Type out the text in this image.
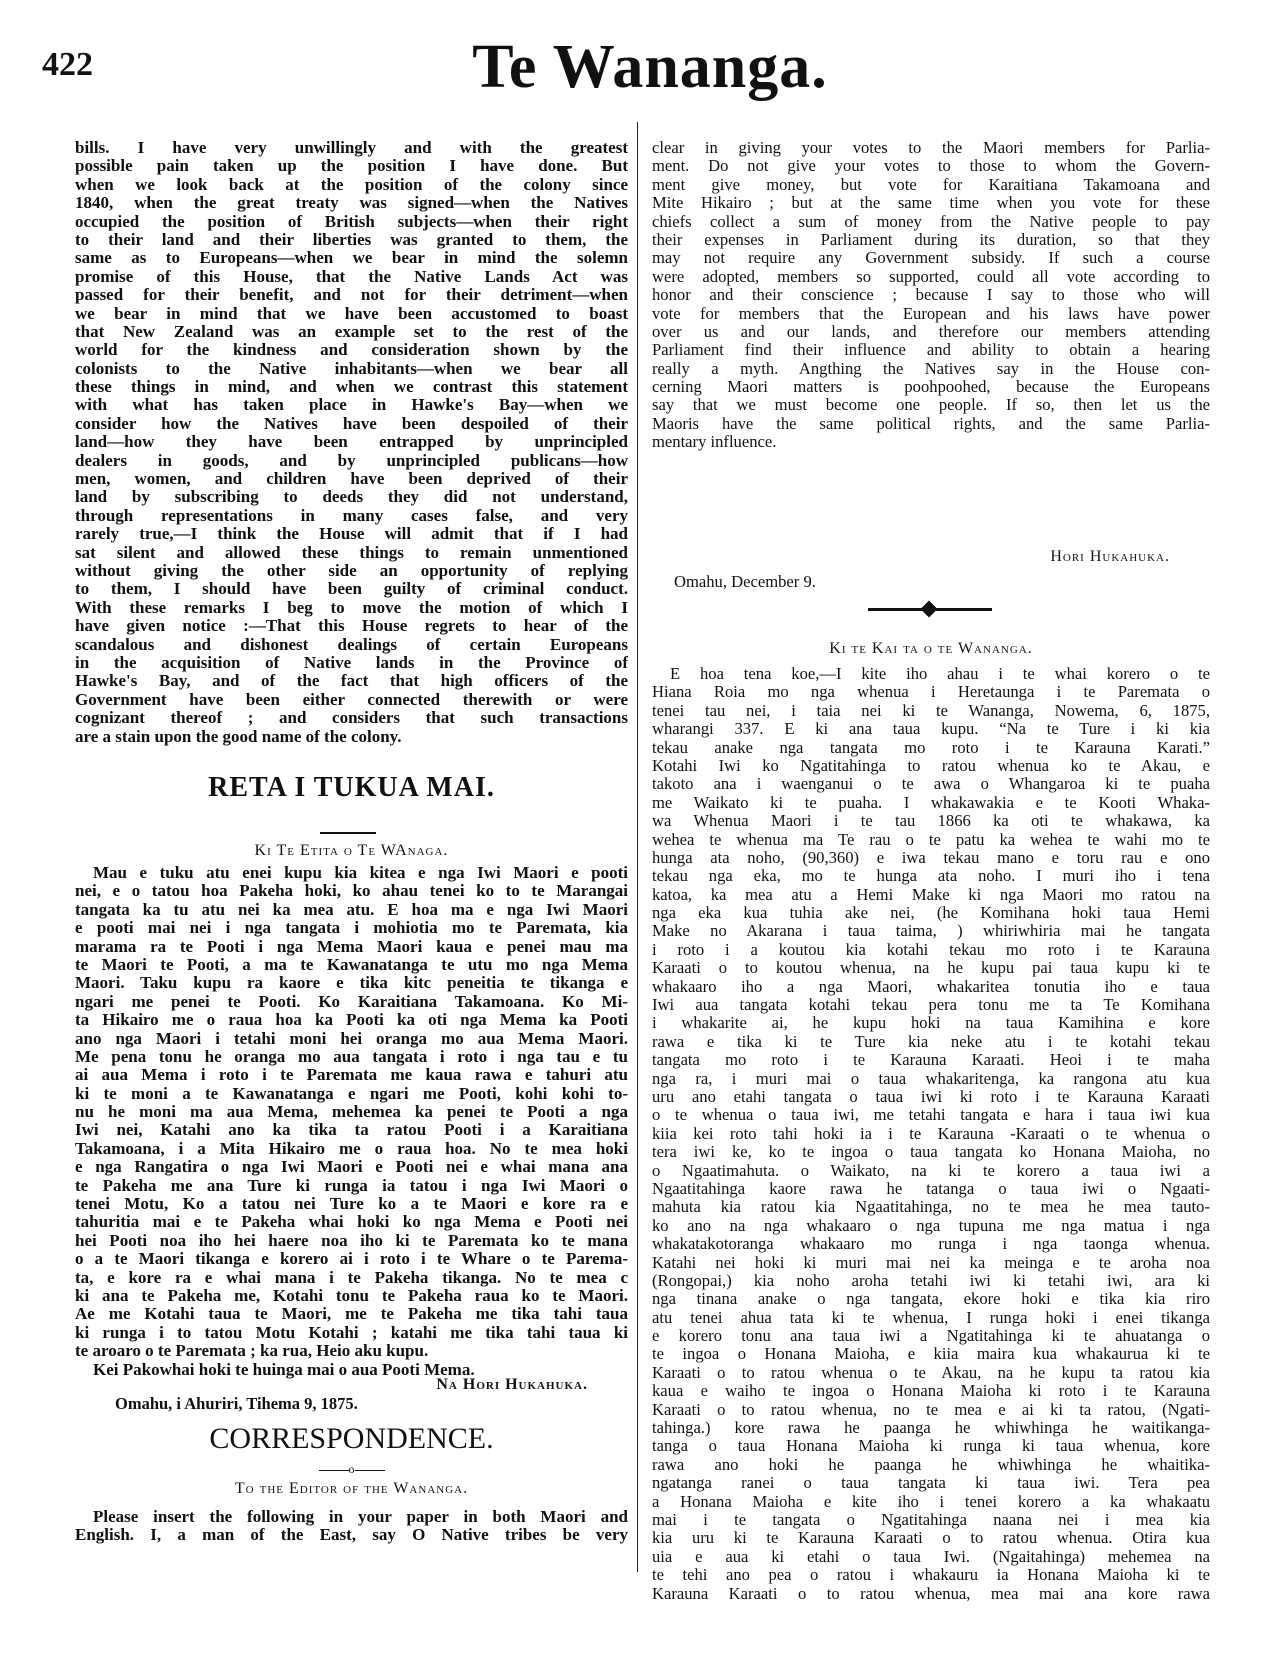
422	Te Wananga.
bills. I have very unwillingly and with the greatest
possible pain taken up the position I have done. But
when we look back at the position of the colony since
1840, when the great treaty was signed—when the Natives
occupied the position of British subjects—when their right
to their land and their liberties was granted to them, the
same as to Europeans—when we bear in mind the solemn
promise of this House, that the Native Lands Act was
passed for their benefit, and not for their detriment—when
we bear in mind that we have been accustomed to boast
that New Zealand was an example set to the rest of the
world for the kindness and consideration shown by the
colonists to the Native inhabitants—when we bear all
these things in mind, and when we contrast this statement
with what has taken place in Hawke's Bay—when we
consider how the Natives have been despoiled of their
land—how they have been entrapped by unprincipled
dealers in goods, and by unprincipled publicans—how
men, women, and children have been deprived of their
land by subscribing to deeds they did not understand,
through representations in many cases false, and very
rarely true,—I think the House will admit that if I had
sat silent and allowed these things to remain unmentioned
without giving the other side an opportunity of replying
to them, I should have been guilty of criminal conduct.
With these remarks I beg to move the motion of which I
have given notice :—That this House regrets to hear of the
scandalous and dishonest dealings of certain Europeans
in the acquisition of Native lands in the Province of
Hawke's Bay, and of the fact that high officers of the
Government have been either connected therewith or were
cognizant thereof ; and considers that such transactions
are a stain upon the good name of the colony.
RETA I TUKUA MAI.
Ki Te Etita o Te WAnaga.
Mau e tuku atu enei kupu kia kitea e nga Iwi Maori e pooti
nei, e o tatou hoa Pakeha hoki, ko ahau tenei ko to te Marangai
tangata ka tu atu nei ka mea atu. E hoa ma e nga Iwi Maori
e pooti mai nei i nga tangata i mohiotia mo te Paremata, kia
marama ra te Pooti i nga Mema Maori kaua e penei mau ma
te Maori te Pooti, a ma te Kawanatanga te utu mo nga Mema
Maori. Taku kupu ra kaore e tika kitc peneitia te tikanga e
ngari me penei te Pooti. Ko Karaitiana Takamoana. Ko Mi-
ta Hikairo me o raua hoa ka Pooti ka oti nga Mema ka Pooti
ano nga Maori i tetahi moni hei oranga mo aua Mema Maori.
Me pena tonu he oranga mo aua tangata i roto i nga tau e tu
ai aua Mema i roto i te Paremata me kaua rawa e tahuri atu
ki te moni a te Kawanatanga e ngari me Pooti, kohi kohi to-
nu he moni ma aua Mema, mehemea ka penei te Pooti a nga
Iwi nei, Katahi ano ka tika ta ratou Pooti i a Karaitiana
Takamoana, i a Mita Hikairo me o raua hoa. No te mea hoki
e nga Rangatira o nga Iwi Maori e Pooti nei e whai mana ana
te Pakeha me ana Ture ki runga ia tatou i nga Iwi Maori o
tenei Motu, Ko a tatou nei Ture ko a te Maori e kore ra e
tahuritia mai e te Pakeha whai hoki ko nga Mema e Pooti nei
hei Pooti noa iho hei haere noa iho ki te Paremata ko te mana
o a te Maori tikanga e korero ai i roto i te Whare o te Parema-
ta, e kore ra e whai mana i te Pakeha tikanga. No te mea c
ki ana te Pakeha me, Kotahi tonu te Pakeha raua ko te Maori.
Ae me Kotahi taua te Maori, me te Pakeha me tika tahi taua
ki runga i to tatou Motu Kotahi ; katahi me tika tahi taua ki
te aroaro o te Paremata ; ka rua, Heio aku kupu.
Kei Pakowhai hoki te huinga mai o aua Pooti Mema.
Na Hori Hukahuka.
Omahu, i Ahuriri, Tihema 9, 1875.
CORRESPONDENCE.
o
To the Editor of the Wananga.
Please insert the following in your paper in both Maori and
English. I, a man of the East, say O Native tribes be very
clear in giving your votes to the Maori members for Parlia-
ment. Do not give your votes to those to whom the Govern-
ment give money, but vote for Karaitiana Takamoana and
Mite Hikairo ; but at the same time when you vote for these
chiefs collect a sum of money from the Native people to pay
their expenses in Parliament during its duration, so that they
may not require any Government subsidy. If such a course
were adopted, members so supported, could all vote according to
honor and their conscience ; because I say to those who will
vote for members that the European and his laws have power
over us and our lands, and therefore our members attending
Parliament find their influence and ability to obtain a hearing
really a myth. Angthing the Natives say in the House con-
cerning Maori matters is poohpoohed, because the Europeans
say that we must become one people. If so, then let us the
Maoris have the same political rights, and the same Parlia-
mentary influence.
Hori Hukahuka.
Omahu, December 9.
Ki te Kai ta o te Wananga.
E hoa tena koe,—I kite iho ahau i te whai korero o te
Hiana Roia mo nga whenua i Heretaunga i te Paremata o
tenei tau nei, i taia nei ki te Wananga, Nowema, 6, 1875,
wharangi 337. E ki ana taua kupu. “Na te Ture i ki kia
tekau anake nga tangata mo roto i te Karauna Karati.”
Kotahi Iwi ko Ngatitahinga to ratou whenua ko te Akau, e
takoto ana i waenganui o te awa o Whangaroa ki te puaha
me Waikato ki te puaha. I whakawakia e te Kooti Whaka-
wa Whenua Maori i te tau 1866 ka oti te whakawa, ka
wehea te whenua ma Te rau o te patu ka wehea te wahi mo te
hunga ata noho, (90,360) e iwa tekau mano e toru rau e ono
tekau nga eka, mo te hunga ata noho. I muri iho i tena
katoa, ka mea atu a Hemi Make ki nga Maori mo ratou na
nga eka kua tuhia ake nei, (he Komihana hoki taua Hemi
Make no Akarana i taua taima, ) whiriwhiria mai he tangata
i roto i a koutou kia kotahi tekau mo roto i te Karauna
Karaati o to koutou whenua, na he kupu pai taua kupu ki te
whakaaro iho a nga Maori, whakaritea tonutia iho e taua
Iwi aua tangata kotahi tekau pera tonu me ta Te Komihana
i whakarite ai, he kupu hoki na taua Kamihina e kore
rawa e tika ki te Ture kia neke atu i te kotahi tekau
tangata mo roto i te Karauna Karaati. Heoi i te maha
nga ra, i muri mai o taua whakaritenga, ka rangona atu kua
uru ano etahi tangata o taua iwi ki roto i te Karauna Karaati
o te whenua o taua iwi, me tetahi tangata e hara i taua iwi kua
kiia kei roto tahi hoki ia i te Karauna -Karaati o te whenua o
tera iwi ke, ko te ingoa o taua tangata ko Honana Maioha, no
o Ngaatimahuta. o Waikato, na ki te korero a taua iwi a
Ngaatitahinga kaore rawa he tatanga o taua iwi o Ngaati-
mahuta kia ratou kia Ngaatitahinga, no te mea he mea tauto-
ko ano na nga whakaaro o nga tupuna me nga matua i nga
whakatakotoranga whakaaro mo runga i nga taonga whenua.
Katahi nei hoki ki muri mai nei ka meinga e te aroha noa
(Rongopai,) kia noho aroha tetahi iwi ki tetahi iwi, ara ki
nga tinana anake o nga tangata, ekore hoki e tika kia riro
atu tenei ahua tata ki te whenua, I runga hoki i enei tikanga
e korero tonu ana taua iwi a Ngatitahinga ki te ahuatanga o
te ingoa o Honana Maioha, e kiia maira kua whakaurua ki te
Karaati o to ratou whenua o te Akau, na he kupu ta ratou kia
kaua e waiho te ingoa o Honana Maioha ki roto i te Karauna
Karaati o to ratou whenua, no te mea e ai ki ta ratou, (Ngati-
tahinga.) kore rawa he paanga he whiwhinga he waitikanga-
tanga o taua Honana Maioha ki runga ki taua whenua, kore
rawa ano hoki he paanga he whiwhinga he whaitika-
ngatanga ranei o taua tangata ki taua iwi. Tera pea
a Honana Maioha e kite iho i tenei korero a ka whakaatu
mai i te tangata o Ngatitahinga naana nei i mea kia
kia uru ki te Karauna Karaati o to ratou whenua. Otira kua
uia e aua ki etahi o taua Iwi. (Ngaitahinga) mehemea na
te tehi ano pea o ratou i whakauru ia Honana Maioha ki te
Karauna Karaati o to ratou whenua, mea mai ana kore rawa
